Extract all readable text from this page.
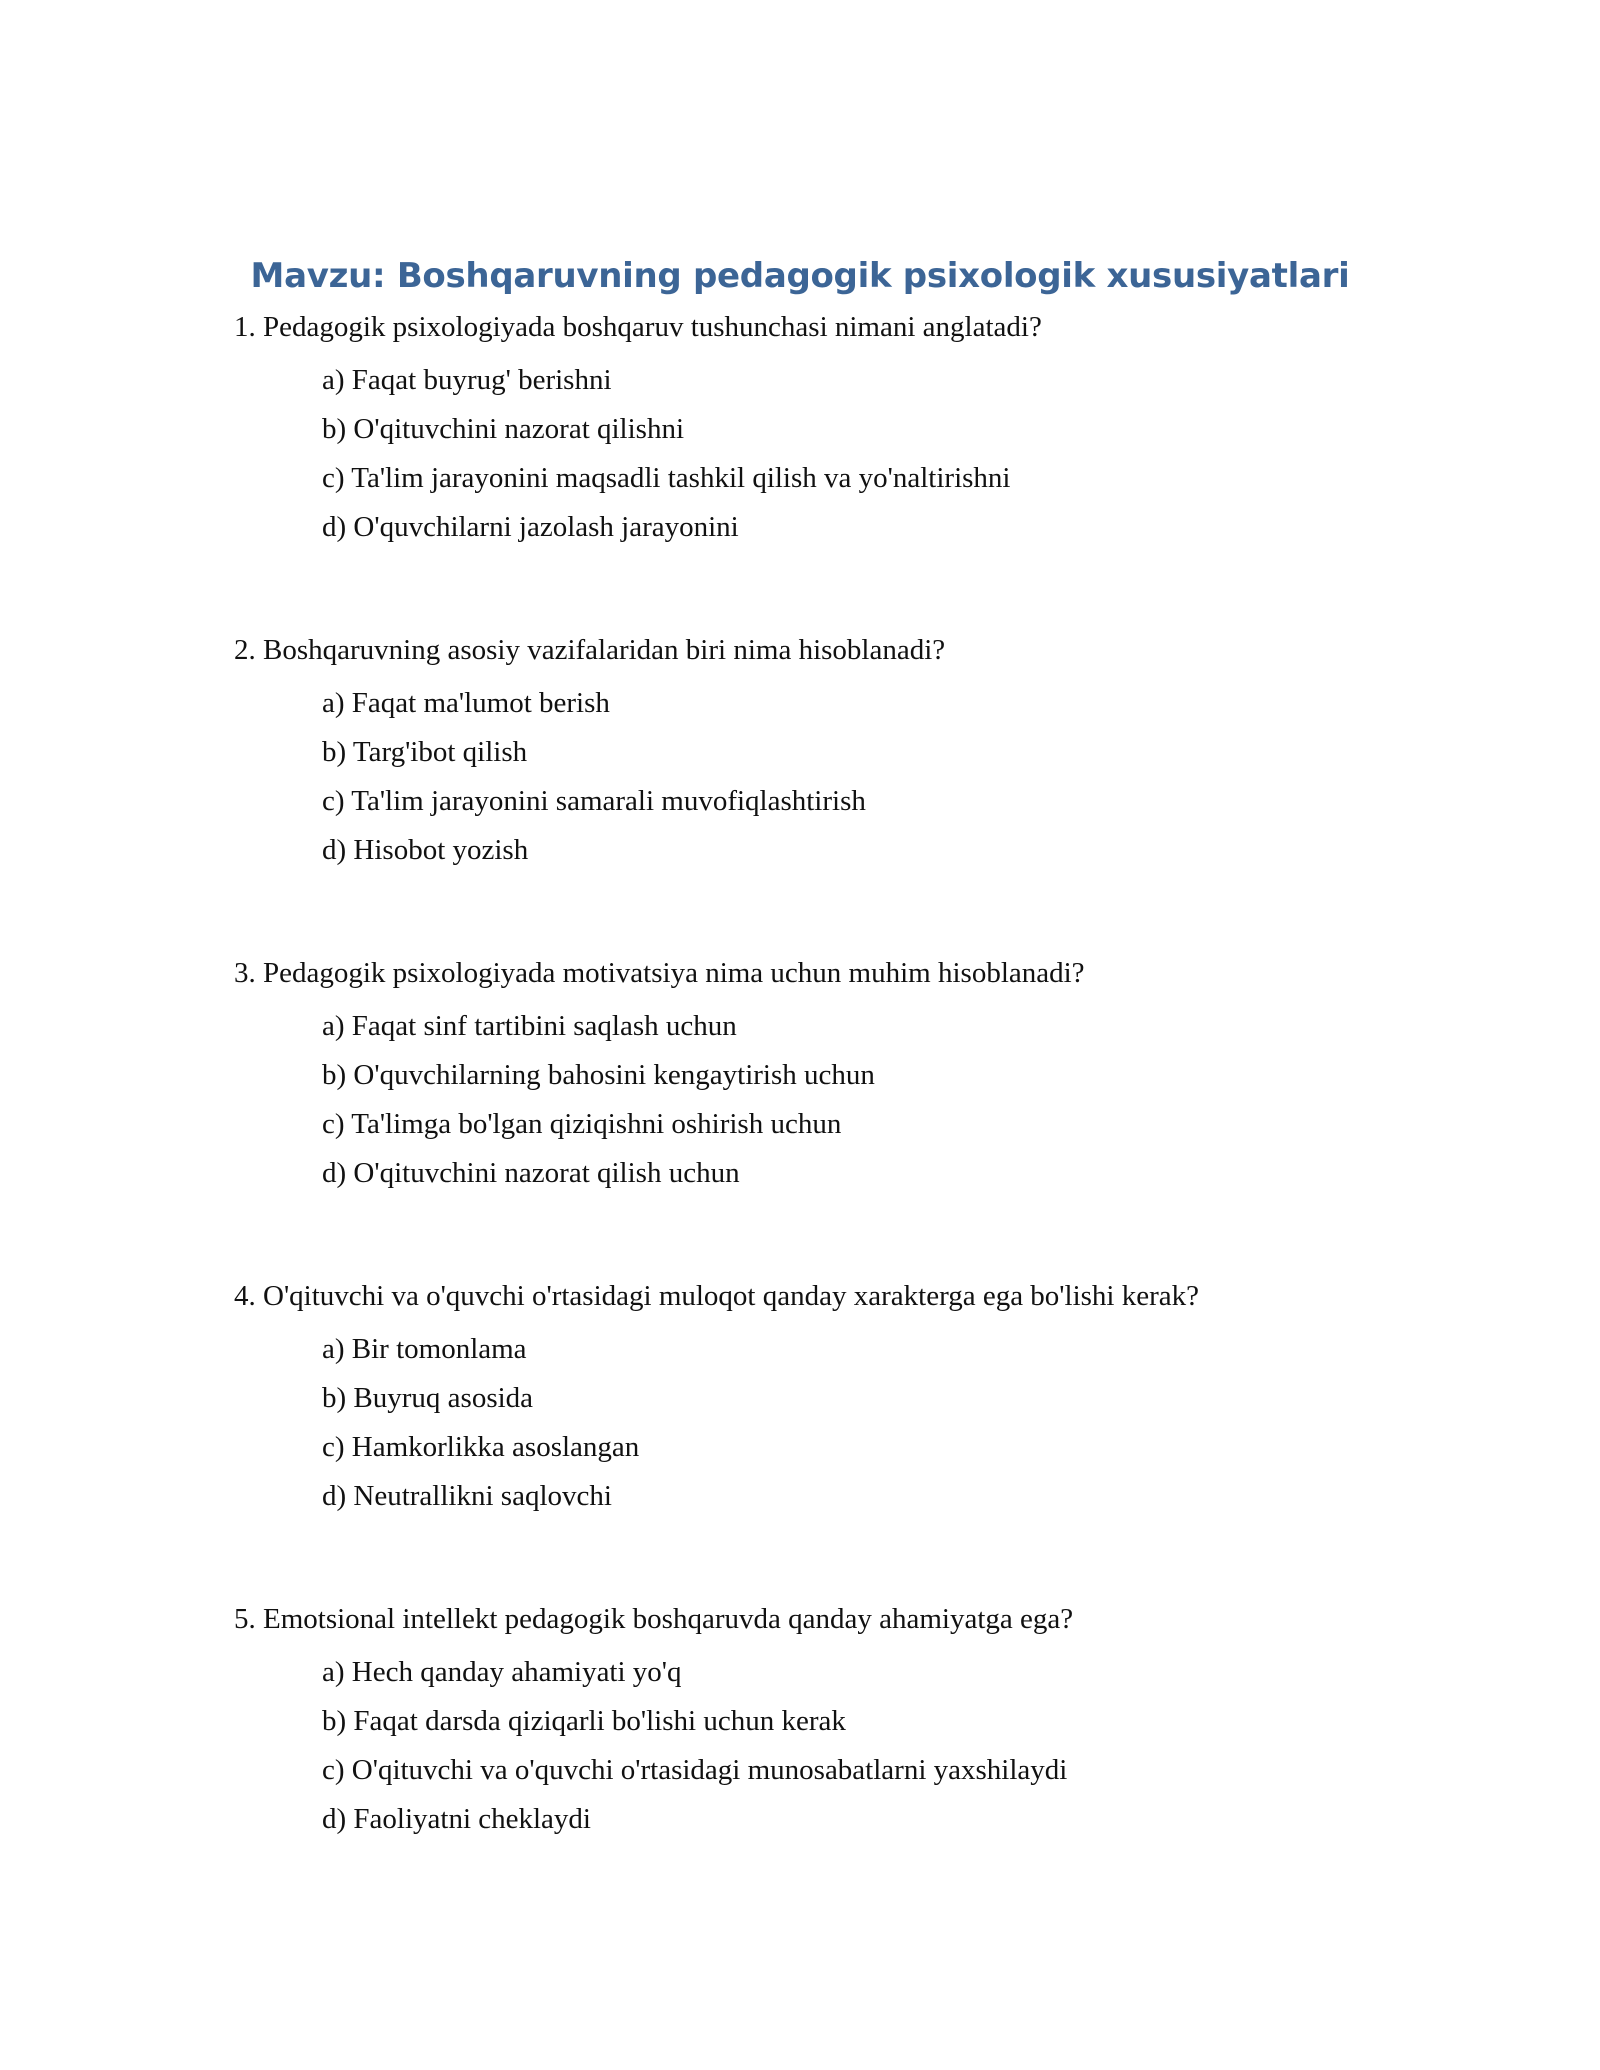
Mavzu: Boshqaruvning pedagogik psixologik xususiyatlari

1. Pedagogik psixologiyada boshqaruv tushunchasi nimani anglatadi?

a) Faqat buyrug' berishni
b) O'qituvchini nazorat qilishni
c) Ta'lim jarayonini maqsadli tashkil qilish va yo'naltirishni
d) O'quvchilarni jazolash jarayonini

2. Boshqaruvning asosiy vazifalaridan biri nima hisoblanadi?

a) Faqat ma'lumot berish
b) Targ'ibot qilish
c) Ta'lim jarayonini samarali muvofiqlashtirish
d) Hisobot yozish

3. Pedagogik psixologiyada motivatsiya nima uchun muhim hisoblanadi?

a) Faqat sinf tartibini saqlash uchun
b) O'quvchilarning bahosini kengaytirish uchun
c) Ta'limga bo'lgan qiziqishni oshirish uchun
d) O'qituvchini nazorat qilish uchun

4. O'qituvchi va o'quvchi o'rtasidagi muloqot qanday xarakterga ega bo'lishi kerak?

a) Bir tomonlama
b) Buyruq asosida
c) Hamkorlikka asoslangan
d) Neutrallikni saqlovchi

5. Emotsional intellekt pedagogik boshqaruvda qanday ahamiyatga ega?

a) Hech qanday ahamiyati yo'q
b) Faqat darsda qiziqarli bo'lishi uchun kerak
c) O'qituvchi va o'quvchi o'rtasidagi munosabatlarni yaxshilaydi
d) Faoliyatni cheklaydi
